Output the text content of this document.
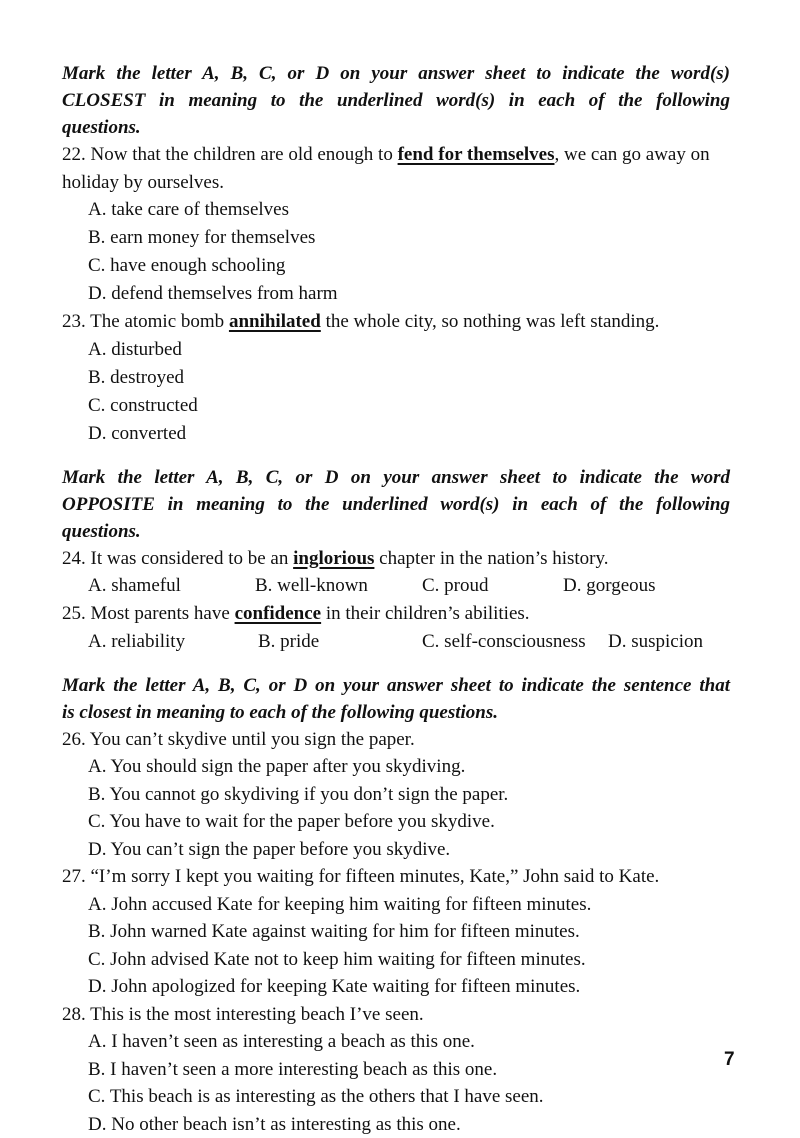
Mark the letter A, B, C, or D on your answer sheet to indicate the word(s)
CLOSEST in meaning to the underlined word(s) in each of the following
questions.
22. Now that the children are old enough to fend for themselves, we can go away on holiday by ourselves.
A. take care of themselves
B. earn money for themselves
C. have enough schooling
D. defend themselves from harm
23. The atomic bomb annihilated the whole city, so nothing was left standing.
A. disturbed
B. destroyed
C. constructed
D. converted
Mark the letter A, B, C, or D on your answer sheet to indicate the word
OPPOSITE in meaning to the underlined word(s) in each of the following
questions.
24. It was considered to be an inglorious chapter in the nation’s history.
A. shameful	B. well-known	C. proud	D. gorgeous
25. Most parents have confidence in their children’s abilities.
A. reliability	B. pride	C. self-consciousness	D. suspicion
Mark the letter A, B, C, or D on your answer sheet to indicate the sentence that
is closest in meaning to each of the following questions.
26. You can’t skydive until you sign the paper.
A. You should sign the paper after you skydiving.
B. You cannot go skydiving if you don’t sign the paper.
C. You have to wait for the paper before you skydive.
D. You can’t sign the paper before you skydive.
27. “I’m sorry I kept you waiting for fifteen minutes, Kate,” John said to Kate.
A. John accused Kate for keeping him waiting for fifteen minutes.
B. John warned Kate against waiting for him for fifteen minutes.
C. John advised Kate not to keep him waiting for fifteen minutes.
D. John apologized for keeping Kate waiting for fifteen minutes.
28. This is the most interesting beach I’ve seen.
A. I haven’t seen as interesting a beach as this one.
B. I haven’t seen a more interesting beach as this one.
C. This beach is as interesting as the others that I have seen.
D. No other beach isn’t as interesting as this one.
7
